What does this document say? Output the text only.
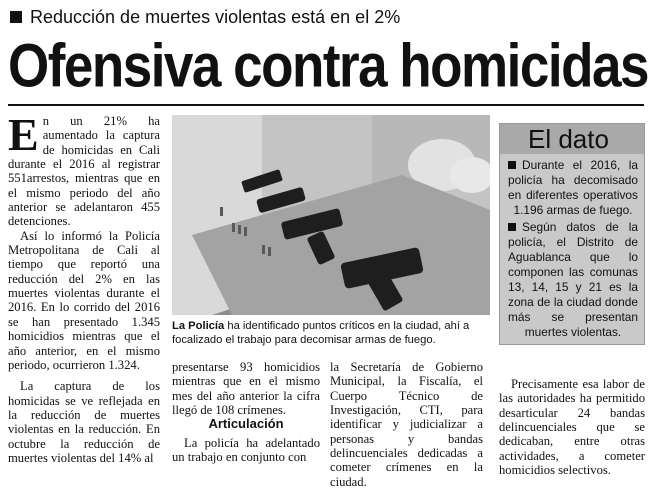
Reducción de muertes violentas está en el 2%
Ofensiva contra homicidas

En un 21% ha aumentado la captura de homicidas en Cali durante el 2016 al registrar 551arrestos, mientras que en el mismo periodo del año anterior se adelantaron 455 detenciones.

Así lo informó la Policía Metropolitana de Cali al tiempo que reportó una reducción del 2% en las muertes violentas durante el 2016. En lo corrido del 2016 se han presentado 1.345 homicidios mientras que el año anterior, en el mismo periodo, ocurrieron 1.324.

La captura de los homicidas se ve reflejada en la reducción de muertes violentas en la reducción. En octubre la reducción de muertes violentas del 14% al

La Policía ha identificado puntos críticos en la ciudad, ahí a focalizado el trabajo para decomisar armas de fuego.

presentarse 93 homicidios mientras que en el mismo mes del año anterior la cifra llegó de 108 crímenes.

Articulación

La policía ha adelantado un trabajo en conjunto con

la Secretaría de Gobierno Municipal, la Fiscalía, el Cuerpo Técnico de Investigación, CTI, para identificar y judicializar a personas y bandas delincuenciales dedicadas a cometer crímenes en la ciudad.

El dato
Durante el 2016, la policía ha decomisado en diferentes operativos 1.196 armas de fuego.
Según datos de la policía, el Distrito de Aguablanca que lo componen las comunas 13, 14, 15 y 21 es la zona de la ciudad donde más se presentan muertes violentas.

Precisamente esa labor de las autoridades ha permitido desarticular 24 bandas delincuenciales que se dedicaban, entre otras actividades, a cometer homicidios selectivos.
